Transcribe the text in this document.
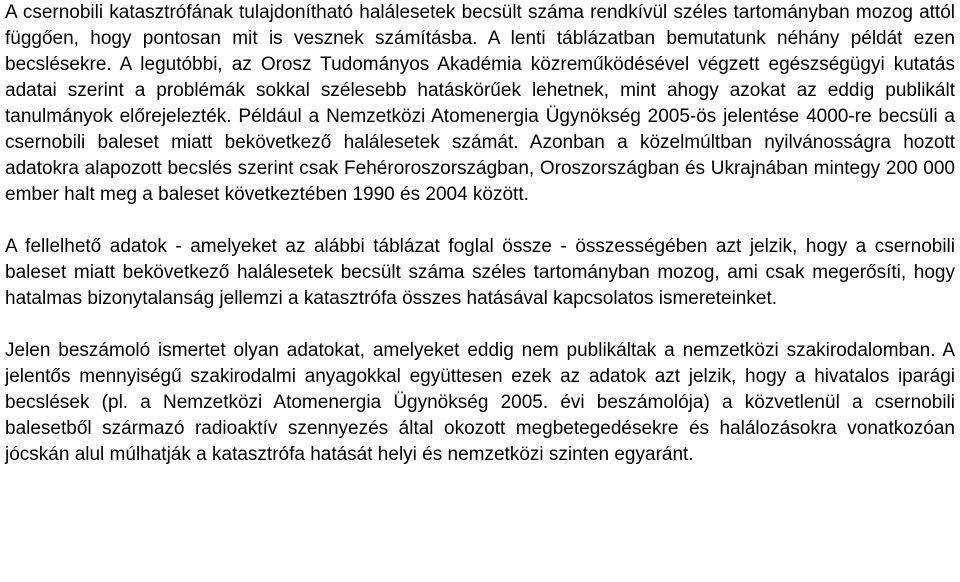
A csernobili katasztrófának tulajdonítható halálesetek becsült száma rendkívül széles tartományban mozog attól függően, hogy pontosan mit is vesznek számításba. A lenti táblázatban bemutatunk néhány példát ezen becslésekre. A legutóbbi, az Orosz Tudományos Akadémia közreműködésével végzett egészségügyi kutatás adatai szerint a problémák sokkal szélesebb hatáskörűek lehetnek, mint ahogy azokat az eddig publikált tanulmányok előrejelezték. Például a Nemzetközi Atomenergia Ügynökség 2005-ös jelentése 4000-re becsüli a csernobili baleset miatt bekövetkező halálesetek számát. Azonban a közelmúltban nyilvánosságra hozott adatokra alapozott becslés szerint csak Fehéroroszországban, Oroszországban és Ukrajnában mintegy 200 000 ember halt meg a baleset következtében 1990 és 2004 között.

A fellelhető adatok - amelyeket az alábbi táblázat foglal össze - összességében azt jelzik, hogy a csernobili baleset miatt bekövetkező halálesetek becsült száma széles tartományban mozog, ami csak megerősíti, hogy hatalmas bizonytalanság jellemzi a katasztrófa összes hatásával kapcsolatos ismereteinket.

Jelen beszámoló ismertet olyan adatokat, amelyeket eddig nem publikáltak a nemzetközi szakirodalomban. A jelentős mennyiségű szakirodalmi anyagokkal együttesen ezek az adatok azt jelzik, hogy a hivatalos iparági becslések (pl. a Nemzetközi Atomenergia Ügynökség 2005. évi beszámolója) a közvetlenül a csernobili balesetből származó radioaktív szennyezés által okozott megbetegedésekre és halálozásokra vonatkozóan jócskán alul múlhatják a katasztrófa hatását helyi és nemzetközi szinten egyaránt.
